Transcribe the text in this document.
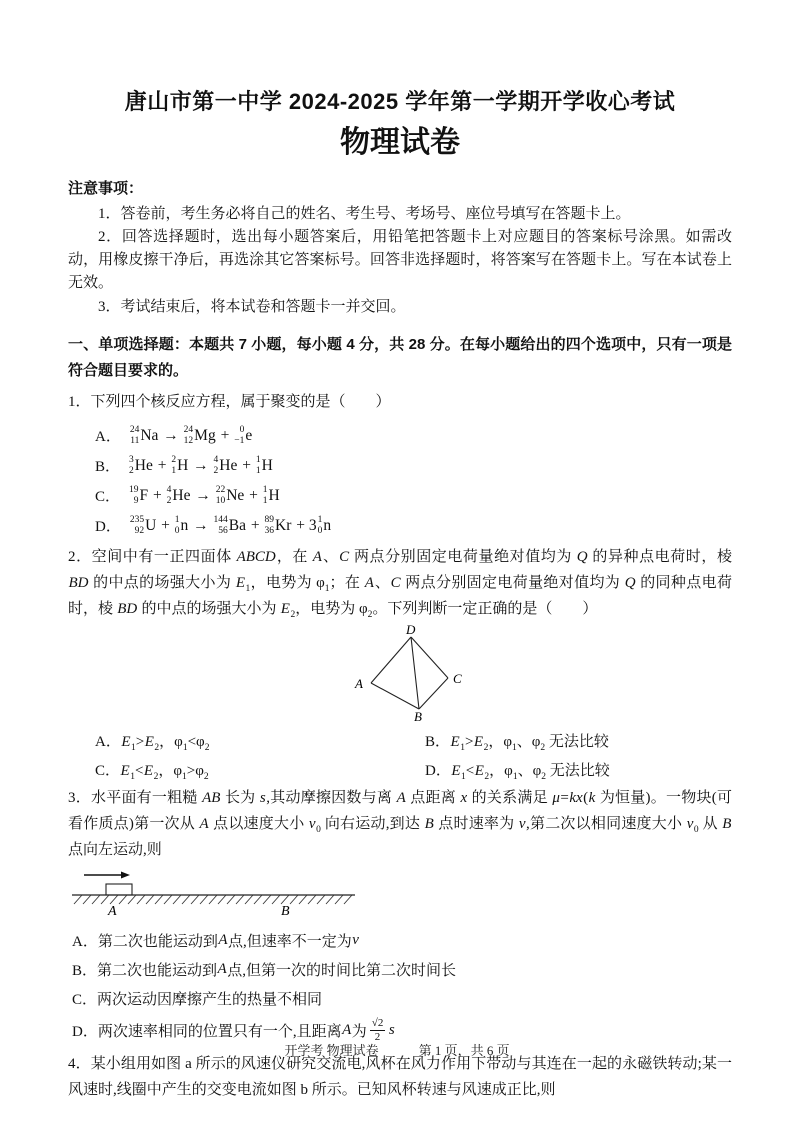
唐山市第一中学 2024-2025 学年第一学期开学收心考试
物理试卷
注意事项：

1．答卷前，考生务必将自己的姓名、考生号、考场号、座位号填写在答题卡上。

2．回答选择题时，选出每小题答案后，用铅笔把答题卡上对应题目的答案标号涂黑。如需改动，用橡皮擦干净后，再选涂其它答案标号。回答非选择题时，将答案写在答题卡上。写在本试卷上无效。

3．考试结束后，将本试卷和答题卡一并交回。

一、单项选择题：本题共 7 小题，每小题 4 分，共 28 分。在每小题给出的四个选项中，只有一项是符合题目要求的。

1．下列四个核反应方程，属于聚变的是（　　）

A． 24
11 Na → 24
12 Mg + 0
−1 e
B． 3
2 He + 2
1 H → 4
2 He + 1
1 H
C． 19
9 F + 4
2 He → 22
10 Ne + 1
1 H
D． 235
92 U + 1
0 n → 144
56 Ba + 89
36 Kr + 3 1
0 n

2．空间中有一正四面体 ABCD，在 A、C 两点分别固定电荷量绝对值均为 Q 的异种点电荷时，棱 BD 的中点的场强大小为 $E_1$，电势为 $\varphi_1$；在 A、C 两点分别固定电荷量绝对值均为 Q 的同种点电荷时，棱 BD 的中点的场强大小为 $E_2$，电势为 $\varphi_2$。下列判断一定正确的是（　　）

D
A	C
B
A．$E_1>E_2$，$\varphi_1<\varphi_2$	B．$E_1>E_2$，$\varphi_1$、$\varphi_2$ 无法比较
C．$E_1<E_2$，$\varphi_1>\varphi_2$	D．$E_1<E_2$，$\varphi_1$、$\varphi_2$ 无法比较

3．水平面有一粗糙 AB 长为 s,其动摩擦因数与离 A 点距离 x 的关系满足 μ=kx(k 为恒量)。一物块(可看作质点)第一次从 A 点以速度大小 $v_0$ 向右运动,到达 B 点时速率为 v,第二次以相同速度大小 $v_0$ 从 B 点向左运动,则

A	B
A．第二次也能运动到 A 点,但速率不一定为 v
B．第二次也能运动到 A 点,但第一次的时间比第二次时间长
C．两次运动因摩擦产生的热量不相同
D．两次速率相同的位置只有一个,且距离 A 为 $\frac{√2}{2}$ s

4．某小组用如图 a 所示的风速仪研究交流电,风杯在风力作用下带动与其连在一起的永磁铁转动;某一风速时,线圈中产生的交变电流如图 b 所示。已知风杯转速与风速成正比,则

开学考 物理试卷	第 1 页，共 6 页
